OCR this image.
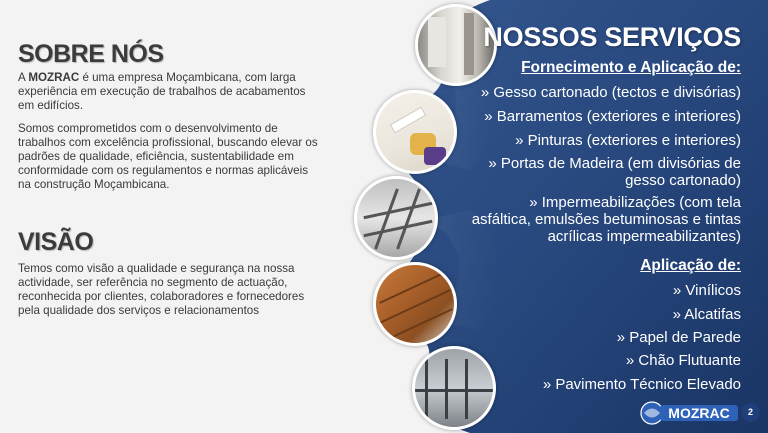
SOBRE NÓS

A MOZRAC é uma empresa Moçambicana, com larga experiência em execução de trabalhos de acabamentos em edifícios.

Somos comprometidos com o desenvolvimento de trabalhos com excelência profissional, buscando elevar os padrões de qualidade, eficiência, sustentabilidade em conformidade com os regulamentos e normas aplicáveis na construção Moçambicana.

VISÃO

Temos como visão a qualidade e segurança na nossa actividade, ser referência no segmento de actuação, reconhecida por clientes, colaboradores e fornecedores pela qualidade dos serviços e relacionamentos

NOSSOS SERVIÇOS
Fornecimento e Aplicação de:
» Gesso cartonado (tectos e divisórias)
» Barramentos (exteriores e interiores)
» Pinturas (exteriores e interiores)
» Portas de Madeira (em divisórias de gesso cartonado)
» Impermeabilizações (com tela asfáltica, emulsões betuminosas e tintas acrílicas impermeabilizantes)
Aplicação de:
» Vinílicos
» Alcatifas
» Papel de Parede
» Chão Flutuante
» Pavimento Técnico Elevado
MOZRAC	2
